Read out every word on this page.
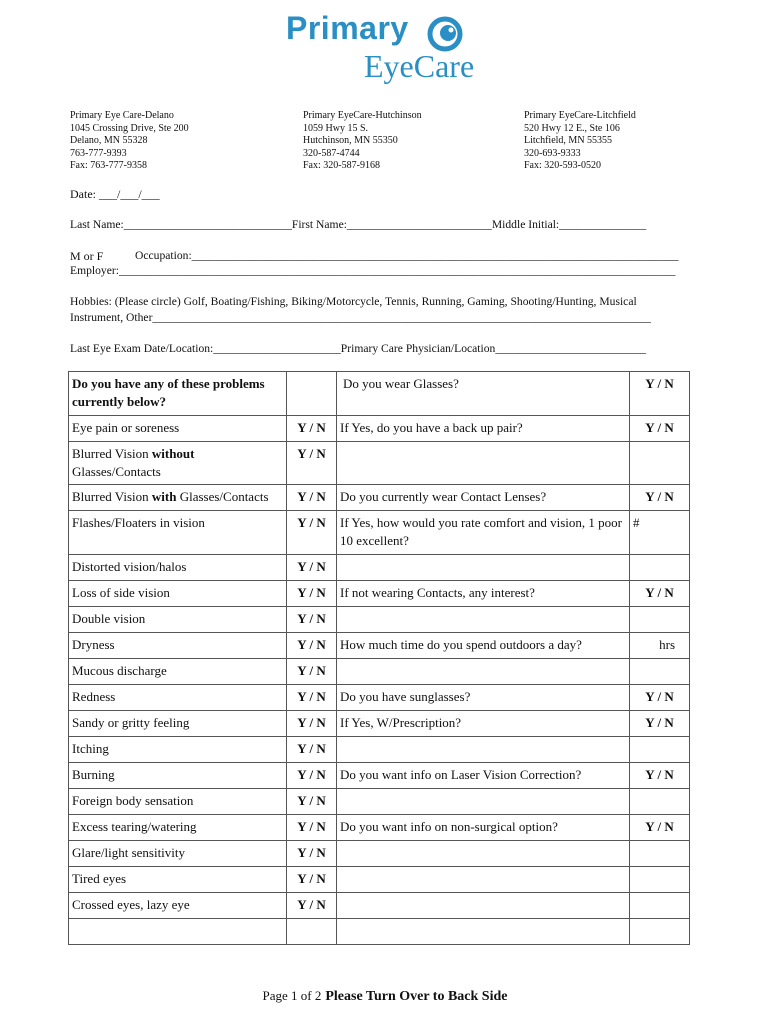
Primary
EyeCare
Primary Eye Care-Delano
1045 Crossing Drive, Ste 200
Delano, MN 55328
763-777-9393
Fax: 763-777-9358
Primary EyeCare-Hutchinson
1059 Hwy 15 S.
Hutchinson, MN 55350
320-587-4744
Fax: 320-587-9168
Primary EyeCare-Litchfield
520 Hwy 12 E., Ste 106
Litchfield, MN 55355
320-693-9333
Fax: 320-593-0520
Date: ___/___/___
Last Name:_____________________________First Name:_________________________Middle Initial:_______________
M or F	Occupation:____________________________________________________________________________________
Employer:________________________________________________________________________________________________
Hobbies: (Please circle) Golf, Boating/Fishing, Biking/Motorcycle, Tennis, Running, Gaming, Shooting/Hunting, Musical
Instrument, Other______________________________________________________________________________________
Last Eye Exam Date/Location:______________________Primary Care Physician/Location__________________________
Do you have any of these problems currently below?		Do you wear Glasses?	Y / N
Eye pain or soreness	Y / N	If Yes, do you have a back up pair?	Y / N
Blurred Vision without Glasses/Contacts	Y / N		
Blurred Vision with Glasses/Contacts	Y / N	Do you currently wear Contact Lenses?	Y / N
Flashes/Floaters in vision	Y / N	If Yes, how would you rate comfort and vision, 1 poor 10 excellent?	#
Distorted vision/halos	Y / N		
Loss of side vision	Y / N	If not wearing Contacts, any interest?	Y / N
Double vision	Y / N		
Dryness	Y / N	How much time do you spend outdoors a day?	hrs
Mucous discharge	Y / N		
Redness	Y / N	Do you have sunglasses?	Y / N
Sandy or gritty feeling	Y / N	If Yes, W/Prescription?	Y / N
Itching	Y / N		
Burning	Y / N	Do you want info on Laser Vision Correction?	Y / N
Foreign body sensation	Y / N		
Excess tearing/watering	Y / N	Do you want info on non-surgical option?	Y / N
Glare/light sensitivity	Y / N		
Tired eyes	Y / N		
Crossed eyes, lazy eye	Y / N		

Page 1 of 2 Please Turn Over to Back Side
